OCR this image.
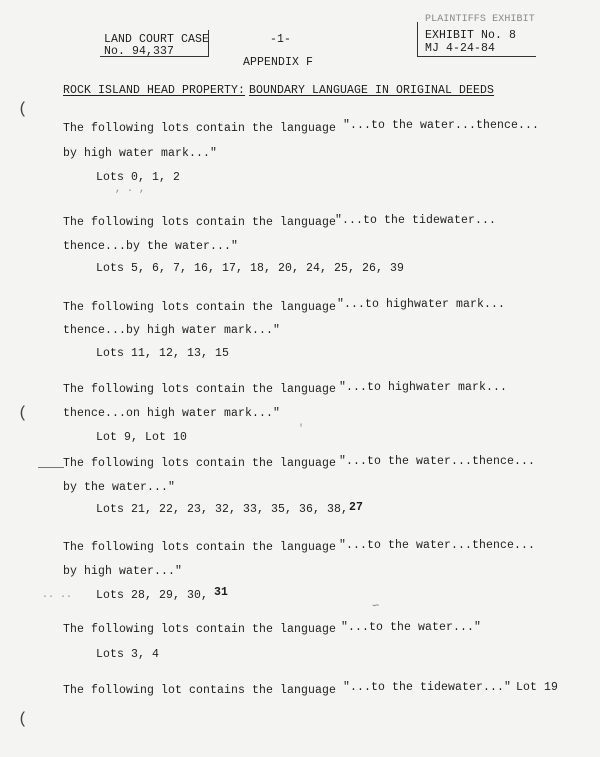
LAND COURT CASE
No. 94,337
-1-
PLAINTIFFS EXHIBIT
EXHIBIT No. 8
MJ 4-24-84
APPENDIX F
ROCK ISLAND HEAD PROPERTY: BOUNDARY LANGUAGE IN ORIGINAL DEEDS
(
(
(
The following lots contain the language "...to the water...thence...
by high water mark..."
Lots 0, 1, 2
, . ,
The following lots contain the language
"...to the tidewater...
thence...by the water..."
Lots 5, 6, 7, 16, 17, 18, 20, 24, 25, 26, 39
The following lots contain the language "...to highwater mark...
thence...by high water mark..."
Lots 11, 12, 13, 15
The following lots contain the language "...to highwater mark...
thence...on high water mark..."
Lot 9, Lot 10
'
The following lots contain the language "...to the water...thence...
by the water..."
Lots 21, 22, 23, 32, 33, 35, 36, 38, 27
The following lots contain the language "...to the water...thence...
by high water..."
.. .. Lots 28, 29, 30, 31
∽
The following lots contain the language "...to the water..."
Lots 3, 4
The following lot contains the language "...to the tidewater..." Lot 19
